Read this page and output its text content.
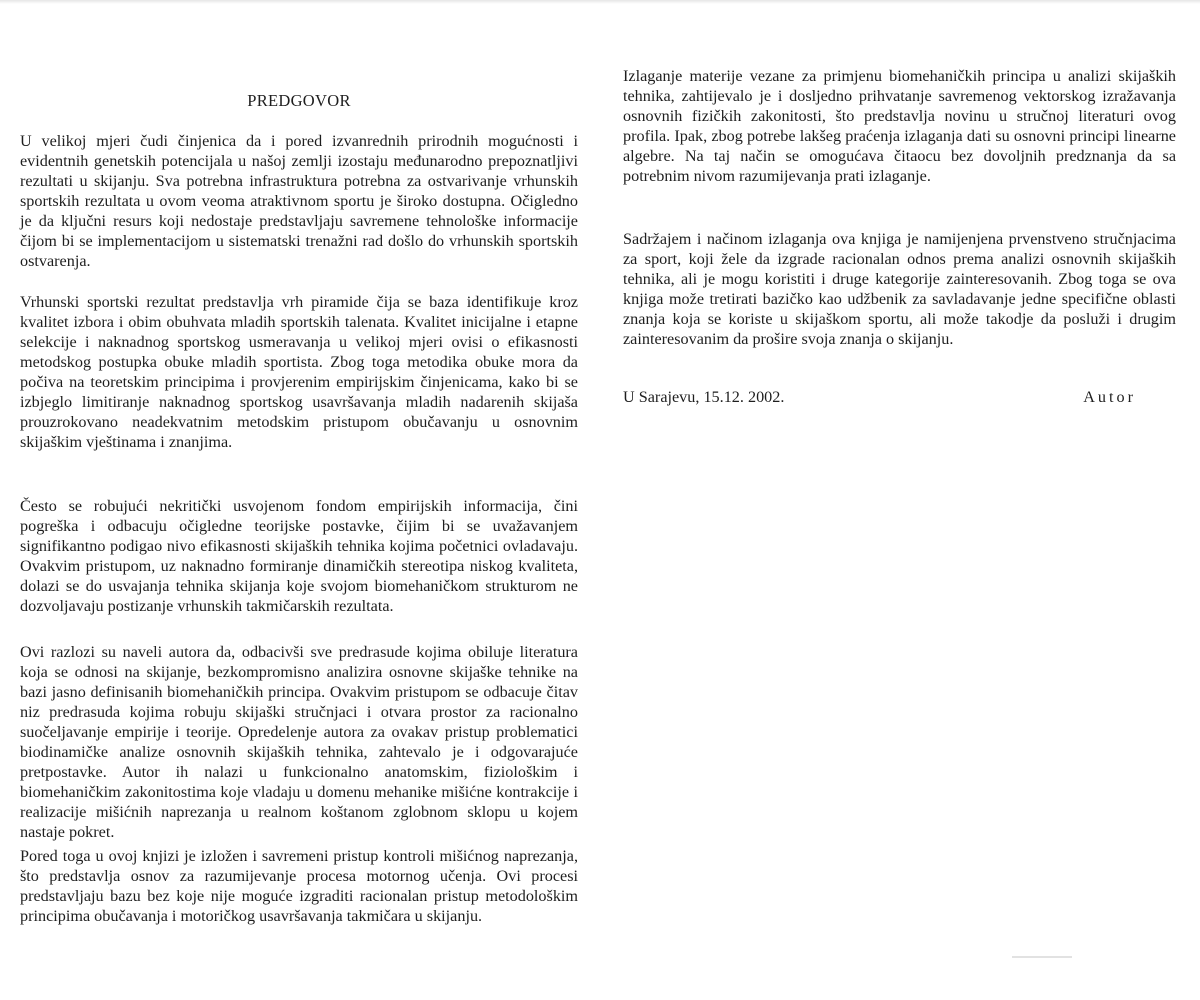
PREDGOVOR

U velikoj mjeri čudi činjenica da i pored izvanrednih prirodnih mogućnosti i evidentnih genetskih potencijala u našoj zemlji izostaju međunarodno prepoznatljivi rezultati u skijanju. Sva potrebna infrastruktura potrebna za ostvarivanje vrhunskih sportskih rezultata u ovom veoma atraktivnom sportu je široko dostupna. Očigledno je da ključni resurs koji nedostaje predstavljaju savremene tehnološke informacije čijom bi se implementacijom u sistematski trenažni rad došlo do vrhunskih sportskih ostvarenja.

Vrhunski sportski rezultat predstavlja vrh piramide čija se baza identifikuje kroz kvalitet izbora i obim obuhvata mladih sportskih talenata. Kvalitet inicijalne i etapne selekcije i naknadnog sportskog usmeravanja u velikoj mjeri ovisi o efikasnosti metodskog postupka obuke mladih sportista. Zbog toga metodika obuke mora da počiva na teoretskim principima i provjerenim empirijskim činjenicama, kako bi se izbjeglo limitiranje naknadnog sportskog usavršavanja mladih nadarenih skijaša prouzrokovano neadekvatnim metodskim pristupom obučavanju u osnovnim skijaškim vještinama i znanjima.

Često se robujući nekritički usvojenom fondom empirijskih informacija, čini pogreška i odbacuju očigledne teorijske postavke, čijim bi se uvažavanjem signifikantno podigao nivo efikasnosti skijaških tehnika kojima početnici ovladavaju. Ovakvim pristupom, uz naknadno formiranje dinamičkih stereotipa niskog kvaliteta, dolazi se do usvajanja tehnika skijanja koje svojom biomehaničkom strukturom ne dozvoljavaju postizanje vrhunskih takmičarskih rezultata.

Ovi razlozi su naveli autora da, odbacivši sve predrasude kojima obiluje literatura koja se odnosi na skijanje, bezkompromisno analizira osnovne skijaške tehnike na bazi jasno definisanih biomehaničkih principa. Ovakvim pristupom se odbacuje čitav niz predrasuda kojima robuju skijaški stručnjaci i otvara prostor za racionalno suočeljavanje empirije i teorije. Opredelenje autora za ovakav pristup problematici biodinamičke analize osnovnih skijaških tehnika, zahtevalo je i odgovarajuće pretpostavke. Autor ih nalazi u funkcionalno anatomskim, fiziološkim i biomehaničkim zakonitostima koje vladaju u domenu mehanike mišićne kontrakcije i realizacije mišićnih naprezanja u realnom koštanom zglobnom sklopu u kojem nastaje pokret.

Pored toga u ovoj knjizi je izložen i savremeni pristup kontroli mišićnog naprezanja, što predstavlja osnov za razumijevanje procesa motornog učenja. Ovi procesi predstavljaju bazu bez koje nije moguće izgraditi racionalan pristup metodološkim principima obučavanja i motoričkog usavršavanja takmičara u skijanju.

Izlaganje materije vezane za primjenu biomehaničkih principa u analizi skijaških tehnika, zahtijevalo je i dosljedno prihvatanje savremenog vektorskog izražavanja osnovnih fizičkih zakonitosti, što predstavlja novinu u stručnoj literaturi ovog profila. Ipak, zbog potrebe lakšeg praćenja izlaganja dati su osnovni principi linearne algebre. Na taj način se omogućava čitaocu bez dovoljnih predznanja da sa potrebnim nivom razumijevanja prati izlaganje.

Sadržajem i načinom izlaganja ova knjiga je namijenjena prvenstveno stručnjacima za sport, koji žele da izgrade racionalan odnos prema analizi osnovnih skijaških tehnika, ali je mogu koristiti i druge kategorije zainteresovanih. Zbog toga se ova knjiga može tretirati bazičko kao udžbenik za savladavanje jedne specifične oblasti znanja koja se koriste u skijaškom sportu, ali može takodje da posluži i drugim zainteresovanim da prošire svoja znanja o skijanju.

U Sarajevu, 15.12. 2002.	Autor
